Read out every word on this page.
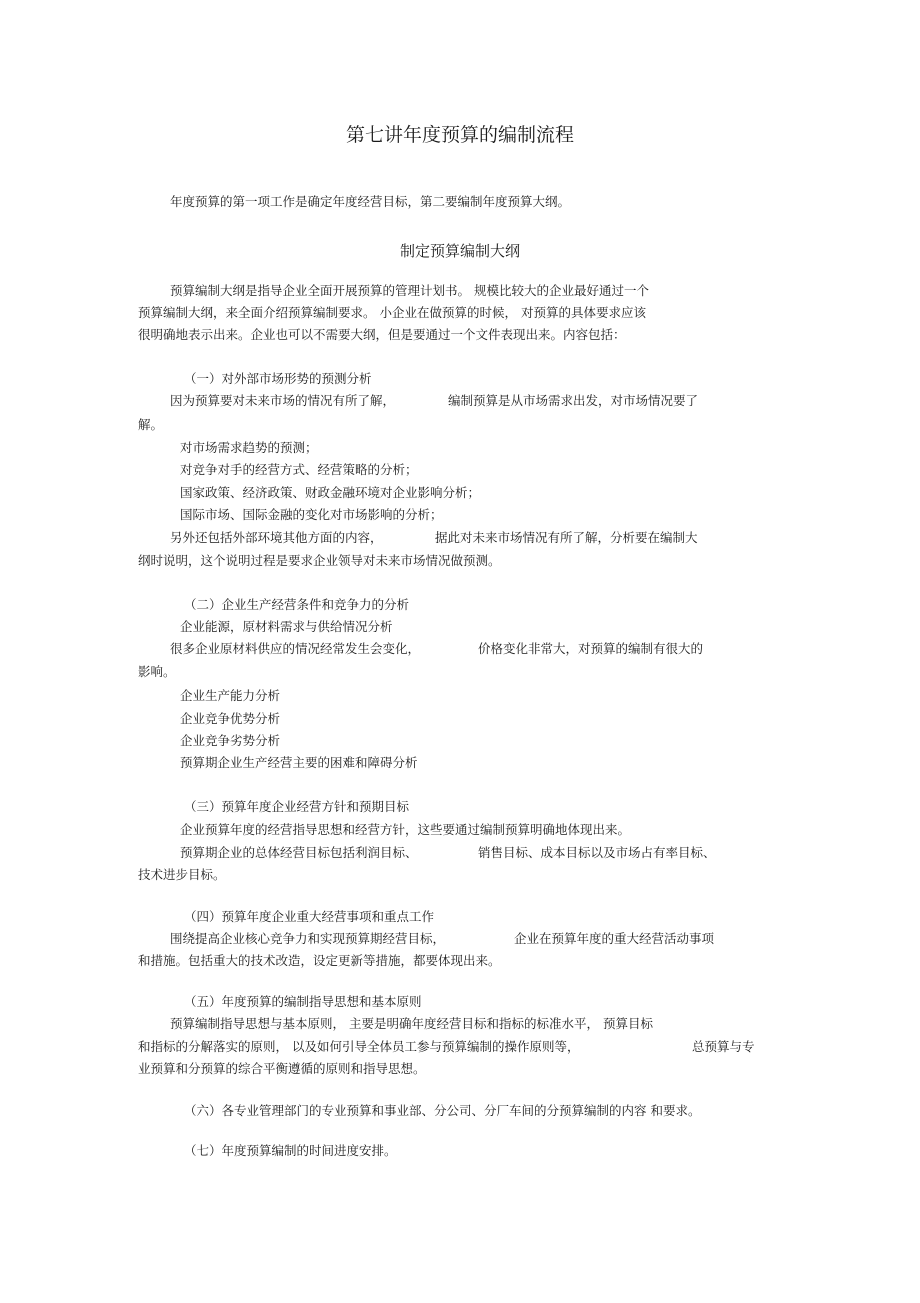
第七讲年度预算的编制流程
年度预算的第一项工作是确定年度经营目标，第二要编制年度预算大纲。
制定预算编制大纲
预算编制大纲是指导企业全面开展预算的管理计划书。 规模比较大的企业最好通过一个
预算编制大纲，来全面介绍预算编制要求。 小企业在做预算的时候， 对预算的具体要求应该
很明确地表示出来。企业也可以不需要大纲，但是要通过一个文件表现出来。内容包括：
（一）对外部市场形势的预测分析
因为预算要对未来市场的情况有所了解，	编制预算是从市场需求出发，对市场情况要了
解。
对市场需求趋势的预测；
对竞争对手的经营方式、经营策略的分析；
国家政策、经济政策、财政金融环境对企业影响分析；
国际市场、国际金融的变化对市场影响的分析；
另外还包括外部环境其他方面的内容，	据此对未来市场情况有所了解，分析要在编制大
纲时说明，这个说明过程是要求企业领导对未来市场情况做预测。
（二）企业生产经营条件和竞争力的分析
企业能源，原材料需求与供给情况分析
很多企业原材料供应的情况经常发生会变化，	价格变化非常大，对预算的编制有很大的
影响。
企业生产能力分析
企业竞争优势分析
企业竞争劣势分析
预算期企业生产经营主要的困难和障碍分析
（三）预算年度企业经营方针和预期目标
企业预算年度的经营指导思想和经营方针，这些要通过编制预算明确地体现出来。
预算期企业的总体经营目标包括利润目标、	销售目标、成本目标以及市场占有率目标、
技术进步目标。
（四）预算年度企业重大经营事项和重点工作
围绕提高企业核心竞争力和实现预算期经营目标，	企业在预算年度的重大经营活动事项
和措施。包括重大的技术改造，设定更新等措施，都要体现出来。
（五）年度预算的编制指导思想和基本原则
预算编制指导思想与基本原则， 主要是明确年度经营目标和指标的标准水平， 预算目标
和指标的分解落实的原则， 以及如何引导全体员工参与预算编制的操作原则等，	总预算与专
业预算和分预算的综合平衡遵循的原则和指导思想。
（六）各专业管理部门的专业预算和事业部、分公司、分厂车间的分预算编制的内容 和要求。
（七）年度预算编制的时间进度安排。
